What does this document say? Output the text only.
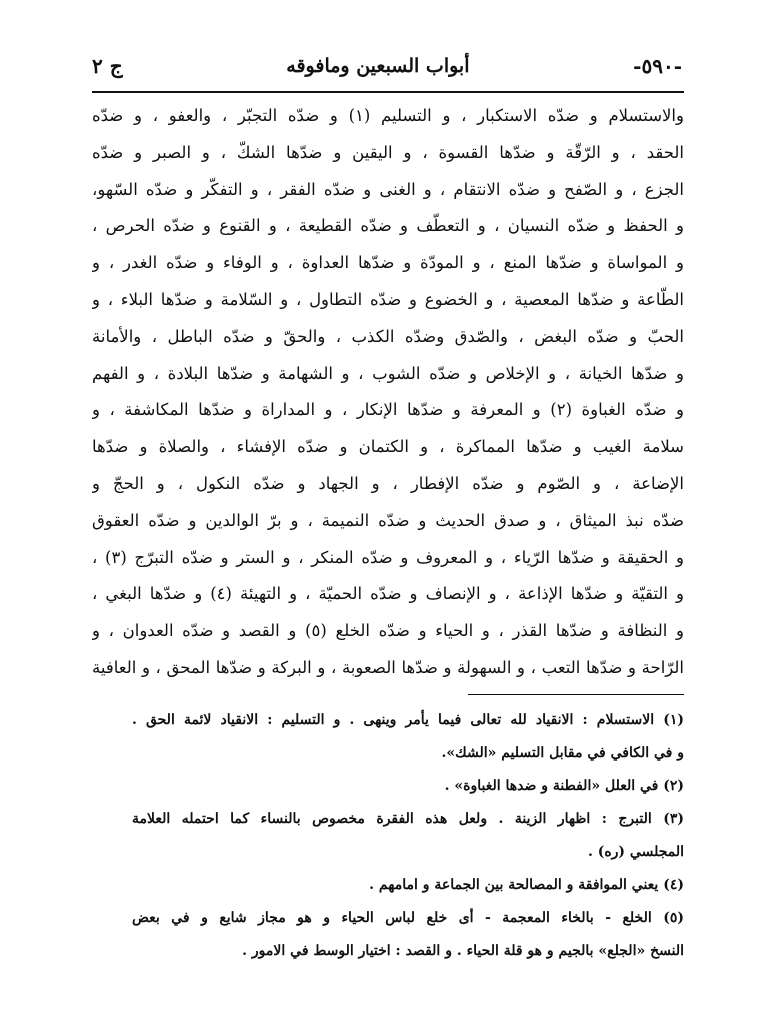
-٥٩٠-
أبواب السبعين ومافوقه
ج ٢
والاستسلام و ضدّه الاستكبار ، و التسليم (١) و ضدّه التجبّر ، والعفو ، و ضدّه
الحقد ، و الرّقّة و ضدّها القسوة ، و اليقين و ضدّها الشكّ ، و الصبر و ضدّه
الجزع ، و الصّفح و ضدّه الانتقام ، و الغنى و ضدّه الفقر ، و التفكّر و ضدّه السّهو،
و الحفظ و ضدّه النسيان ، و التعطّف و ضدّه القطيعة ، و القنوع و ضدّه الحرص ،
و المواساة و ضدّها المنع ، و المودّة و ضدّها العداوة ، و الوفاء و ضدّه الغدر ، و
الطّاعة و ضدّها المعصية ، و الخضوع و ضدّه التطاول ، و السّلامة و ضدّها البلاء ، و
الحبّ و ضدّه البغض ، والصّدق وضدّه الكذب ، والحقّ و ضدّه الباطل ، والأمانة
و ضدّها الخيانة ، و الإخلاص و ضدّه الشوب ، و الشهامة و ضدّها البلادة ، و الفهم
و ضدّه الغباوة (٢) و المعرفة و ضدّها الإنكار ، و المداراة و ضدّها المكاشفة ، و
سلامة الغيب و ضدّها المماكرة ، و الكتمان و ضدّه الإفشاء ، والصلاة و ضدّها
الإضاعة ، و الصّوم و ضدّه الإفطار ، و الجهاد و ضدّه النكول ، و الحجّ و
ضدّه نبذ الميثاق ، و صدق الحديث و ضدّه النميمة ، و برّ الوالدين و ضدّه العقوق
و الحقيقة و ضدّها الرّياء ، و المعروف و ضدّه المنكر ، و الستر و ضدّه التبرّج (٣) ،
و التقيّة و ضدّها الإذاعة ، و الإنصاف و ضدّه الحميّة ، و التهيئة (٤) و ضدّها البغي ،
و النظافة و ضدّها القذر ، و الحياء و ضدّه الخلع (٥) و القصد و ضدّه العدوان ، و
الرّاحة و ضدّها التعب ، و السهولة و ضدّها الصعوبة ، و البركة و ضدّها المحق ، و العافية
(١) الاستسلام : الانقياد لله تعالى فيما يأمر وينهى . و التسليم : الانقياد لائمة الحق .
و في الكافي في مقابل التسليم «الشك».
(٢) في العلل «الفطنة و ضدها الغباوة» .
(٣) التبرج : اظهار الزينة . ولعل هذه الفقرة مخصوص بالنساء كما احتمله العلامة
المجلسي (ره) .
(٤) يعني الموافقة و المصالحة بين الجماعة و امامهم .
(٥) الخلع - بالخاء المعجمة - أى خلع لباس الحياء و هو مجاز شايع و في بعض
النسخ «الجلع» بالجيم و هو قلة الحياء . و القصد : اختيار الوسط في الامور .
